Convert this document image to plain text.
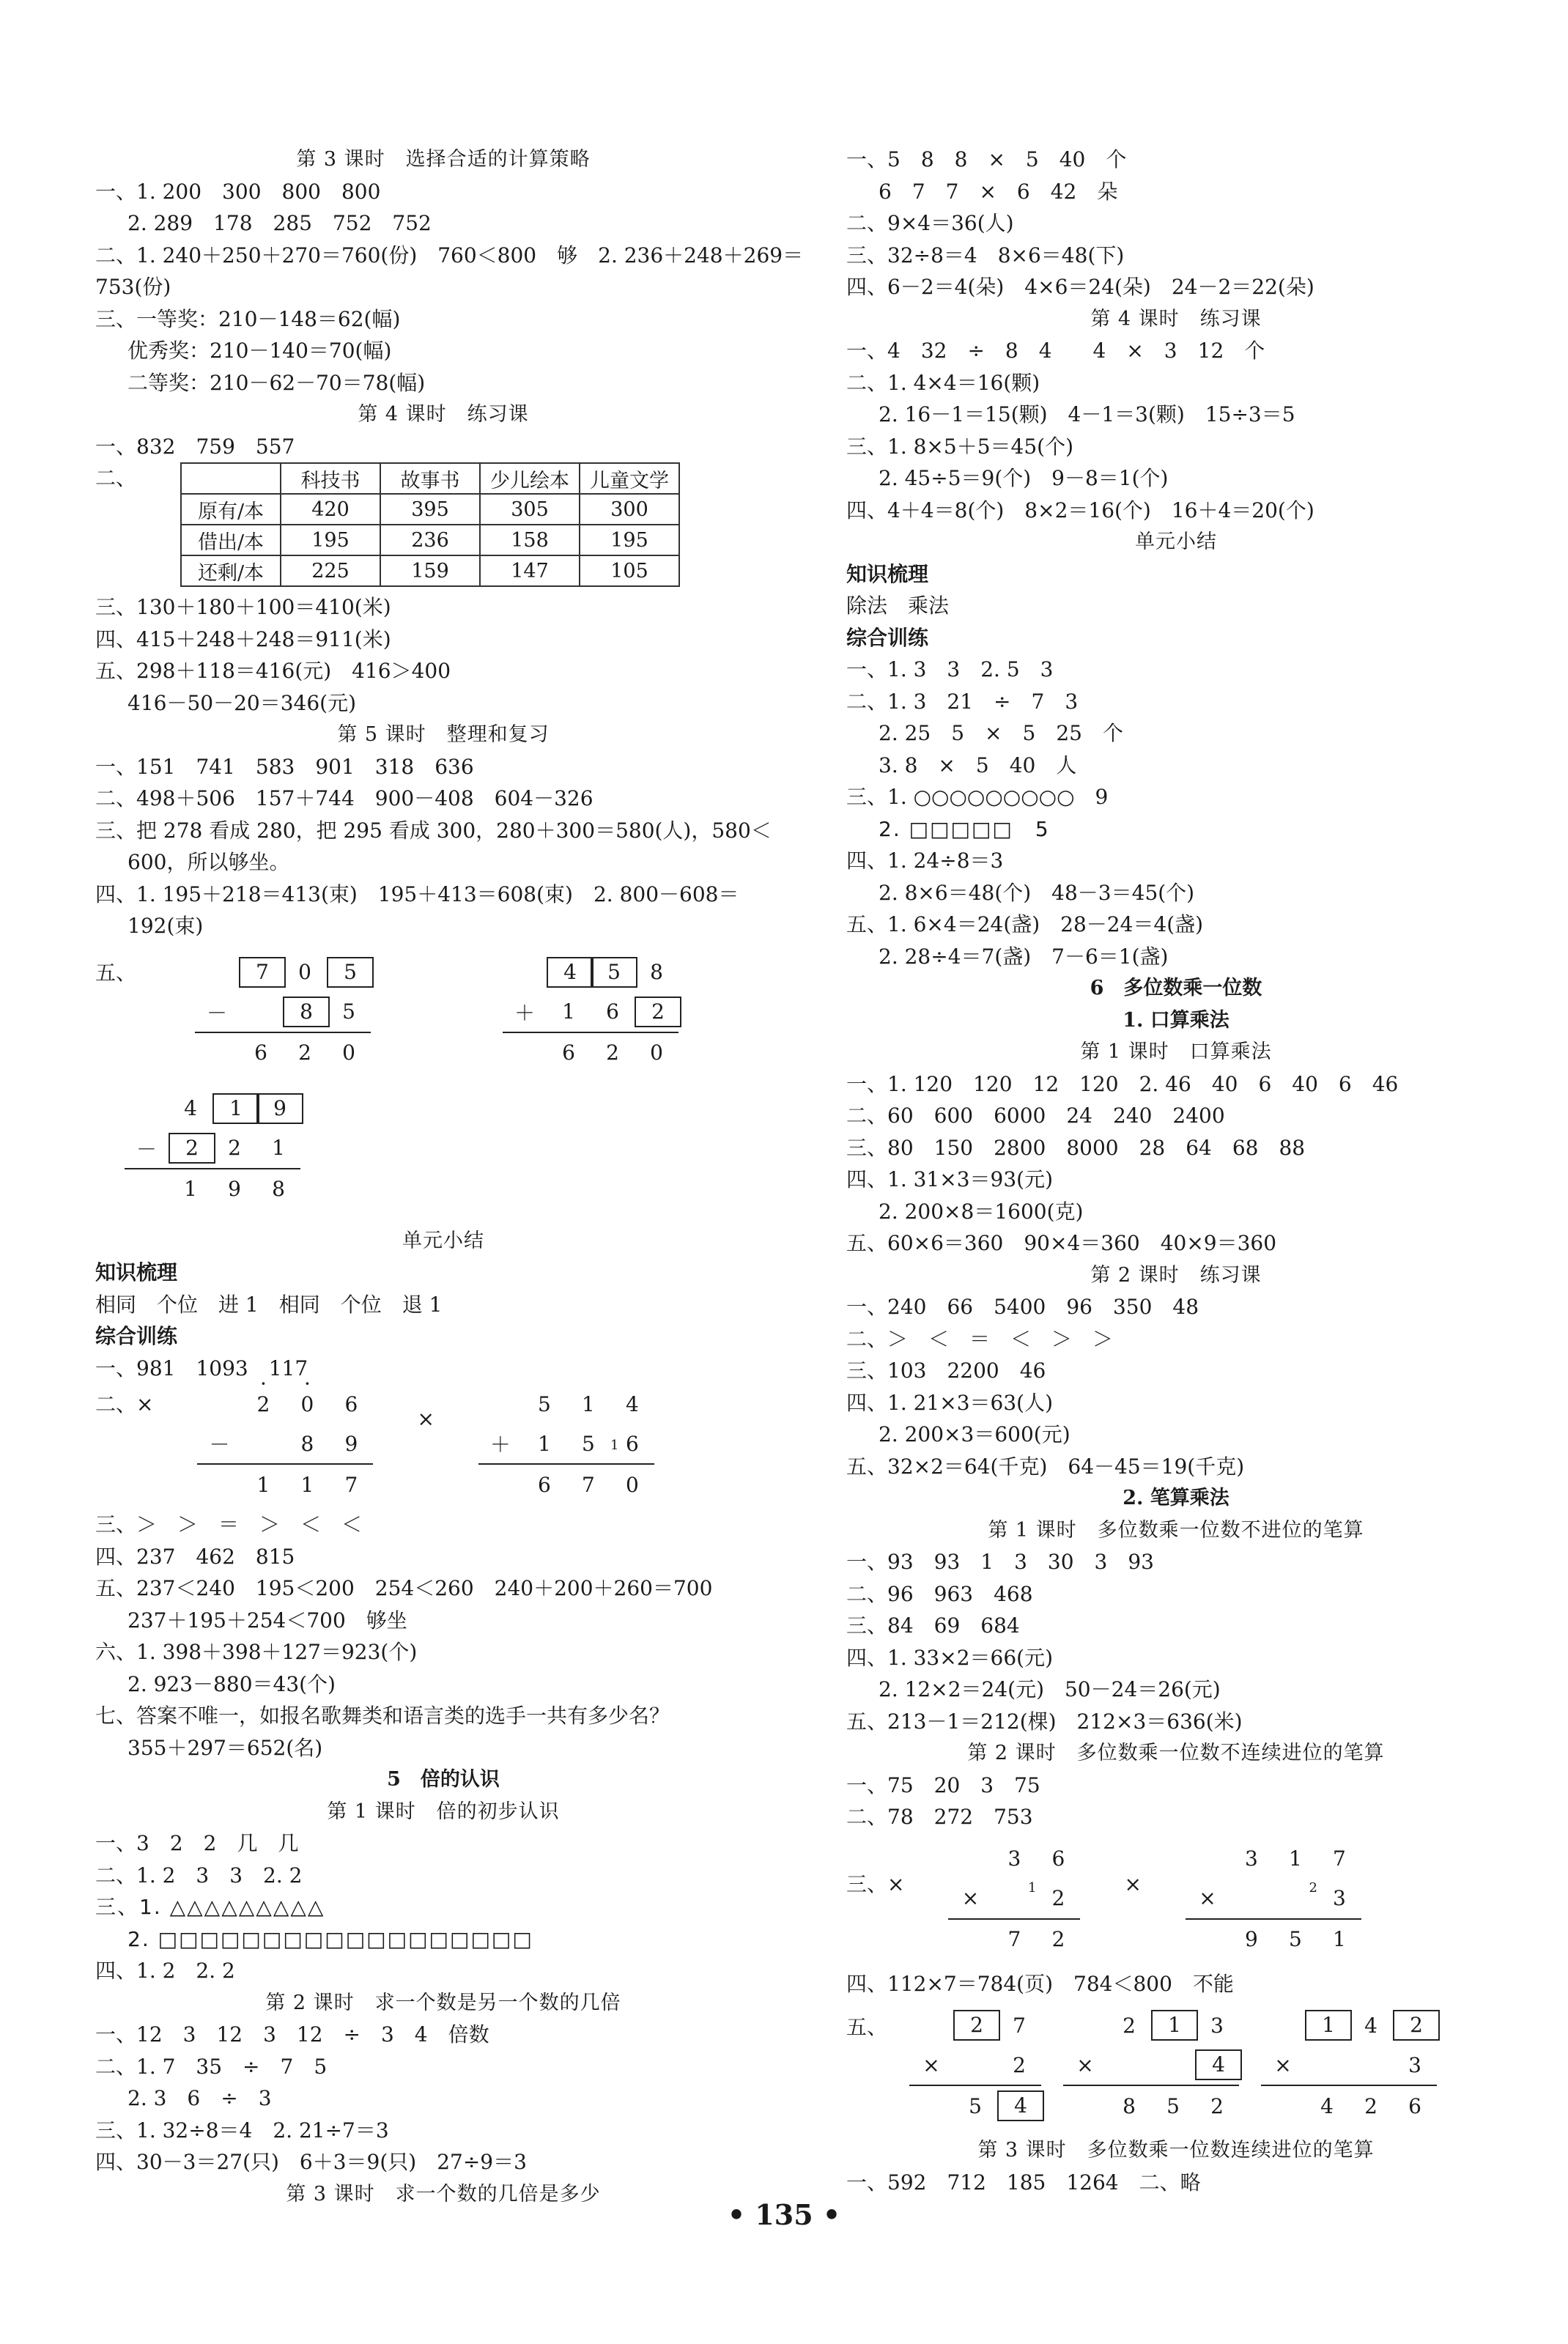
第 3 课时　选择合适的计算策略
一、1. 200　300　800　800
2. 289　178　285　752　752
二、1. 240＋250＋270＝760(份)　760＜800　够　2. 236＋248＋269＝
753(份)
三、一等奖：210－148＝62(幅)
优秀奖：210－140＝70(幅)
二等奖：210－62－70＝78(幅)
第 4 课时　练习课
一、832　759　557
二、
		科技书	故事书	少儿绘本	儿童文学
原有/本	420	395	305	300
借出/本	195	236	158	195
还剩/本	225	159	147	105
三、130＋180＋100＝410(米)
四、415＋248＋248＝911(米)
五、298＋118＝416(元)　416＞400
416－50－20＝346(元)
第 5 课时　整理和复习
一、151　741　583　901　318　636
二、498＋506　157＋744　900－408　604－326
三、把 278 看成 280，把 295 看成 300，280＋300＝580(人)，580＜
600，所以够坐。
四、1. 195＋218＝413(束)　195＋413＝608(束)　2. 800－608＝
192(束)
五、	7	0	5
－	8	5
6	2	0
4	5	8
＋	1	6	2
6	2	0
4	1	9
－	2	2	1
1	9	8
单元小结
知识梳理
相同　个位　进 1　相同　个位　退 1
综合训练
一、981　1093　117
二、×	2 ·	0 ·	6
－	8	9
1	1	7
×
5	1	4
＋	1	5	1 6
6	7	0
三、＞　＞　＝　＞　＜　＜
四、237　462　815
五、237＜240　195＜200　254＜260　240＋200＋260＝700
237＋195＋254＜700　够坐
六、1. 398＋398＋127＝923(个)
2. 923－880＝43(个)
七、答案不唯一，如报名歌舞类和语言类的选手一共有多少名？
355＋297＝652(名)
5　倍的认识
第 1 课时　倍的初步认识
一、3　2　2　几　几
二、1. 2　3　3　2. 2
三、1. △△△△△△△△△
2. □□□□□□□□□□□□□□□□□□
四、1. 2　2. 2
第 2 课时　求一个数是另一个数的几倍
一、12　3　12　3　12　÷　3　4　倍数
二、1. 7　35　÷　7　5
2. 3　6　÷　3
三、1. 32÷8＝4　2. 21÷7＝3
四、30－3＝27(只)　6＋3＝9(只)　27÷9＝3
第 3 课时　求一个数的几倍是多少
一、5　8　8　×　5　40　个
6　7　7　×　6　42　朵
二、9×4＝36(人)
三、32÷8＝4　8×6＝48(下)
四、6－2＝4(朵)　4×6＝24(朵)　24－2＝22(朵)
第 4 课时　练习课
一、4　32　÷　8　4　　4　×　3　12　个
二、1. 4×4＝16(颗)
2. 16－1＝15(颗)　4－1＝3(颗)　15÷3＝5
三、1. 8×5＋5＝45(个)
2. 45÷5＝9(个)　9－8＝1(个)
四、4＋4＝8(个)　8×2＝16(个)　16＋4＝20(个)
单元小结
知识梳理
除法　乘法
综合训练
一、1. 3　3　2. 5　3
二、1. 3　21　÷　7　3
2. 25　5　×　5　25　个
3. 8　×　5　40　人
三、1. ○○○○○○○○○　9
2. □□□□□　5
四、1. 24÷8＝3
2. 8×6＝48(个)　48－3＝45(个)
五、1. 6×4＝24(盏)　28－24＝4(盏)
2. 28÷4＝7(盏)　7－6＝1(盏)
6　多位数乘一位数
1. 口算乘法
第 1 课时　口算乘法
一、1. 120　120　12　120　2. 46　40　6　40　6　46
二、60　600　6000　24　240　2400
三、80　150　2800　8000　28　64　68　88
四、1. 31×3＝93(元)
2. 200×8＝1600(克)
五、60×6＝360　90×4＝360　40×9＝360
第 2 课时　练习课
一、240　66　5400　96　350　48
二、＞　＜　＝　＜　＞　＞
三、103　2200　46
四、1. 21×3＝63(人)
2. 200×3＝600(元)
五、32×2＝64(千克)　64－45＝19(千克)
2. 笔算乘法
第 1 课时　多位数乘一位数不进位的笔算
一、93　93　1　3　30　3　93
二、96　963　468
三、84　69　684
四、1. 33×2＝66(元)
2. 12×2＝24(元)　50－24＝26(元)
五、213－1＝212(棵)　212×3＝636(米)
第 2 课时　多位数乘一位数不连续进位的笔算
一、75　20　3　75
二、78　272　753
三、×
3	6
×	1 2
7	2
×
3	1	7
×	2 3
9	5	1
四、112×7＝784(页)　784＜800　不能
五、	2	7
×	2
5	4
2	1	3
×	4
8	5	2
1	4	2
×	3
4	2	6
第 3 课时　多位数乘一位数连续进位的笔算
一、592　712　185　1264　二、略
• 135 •
